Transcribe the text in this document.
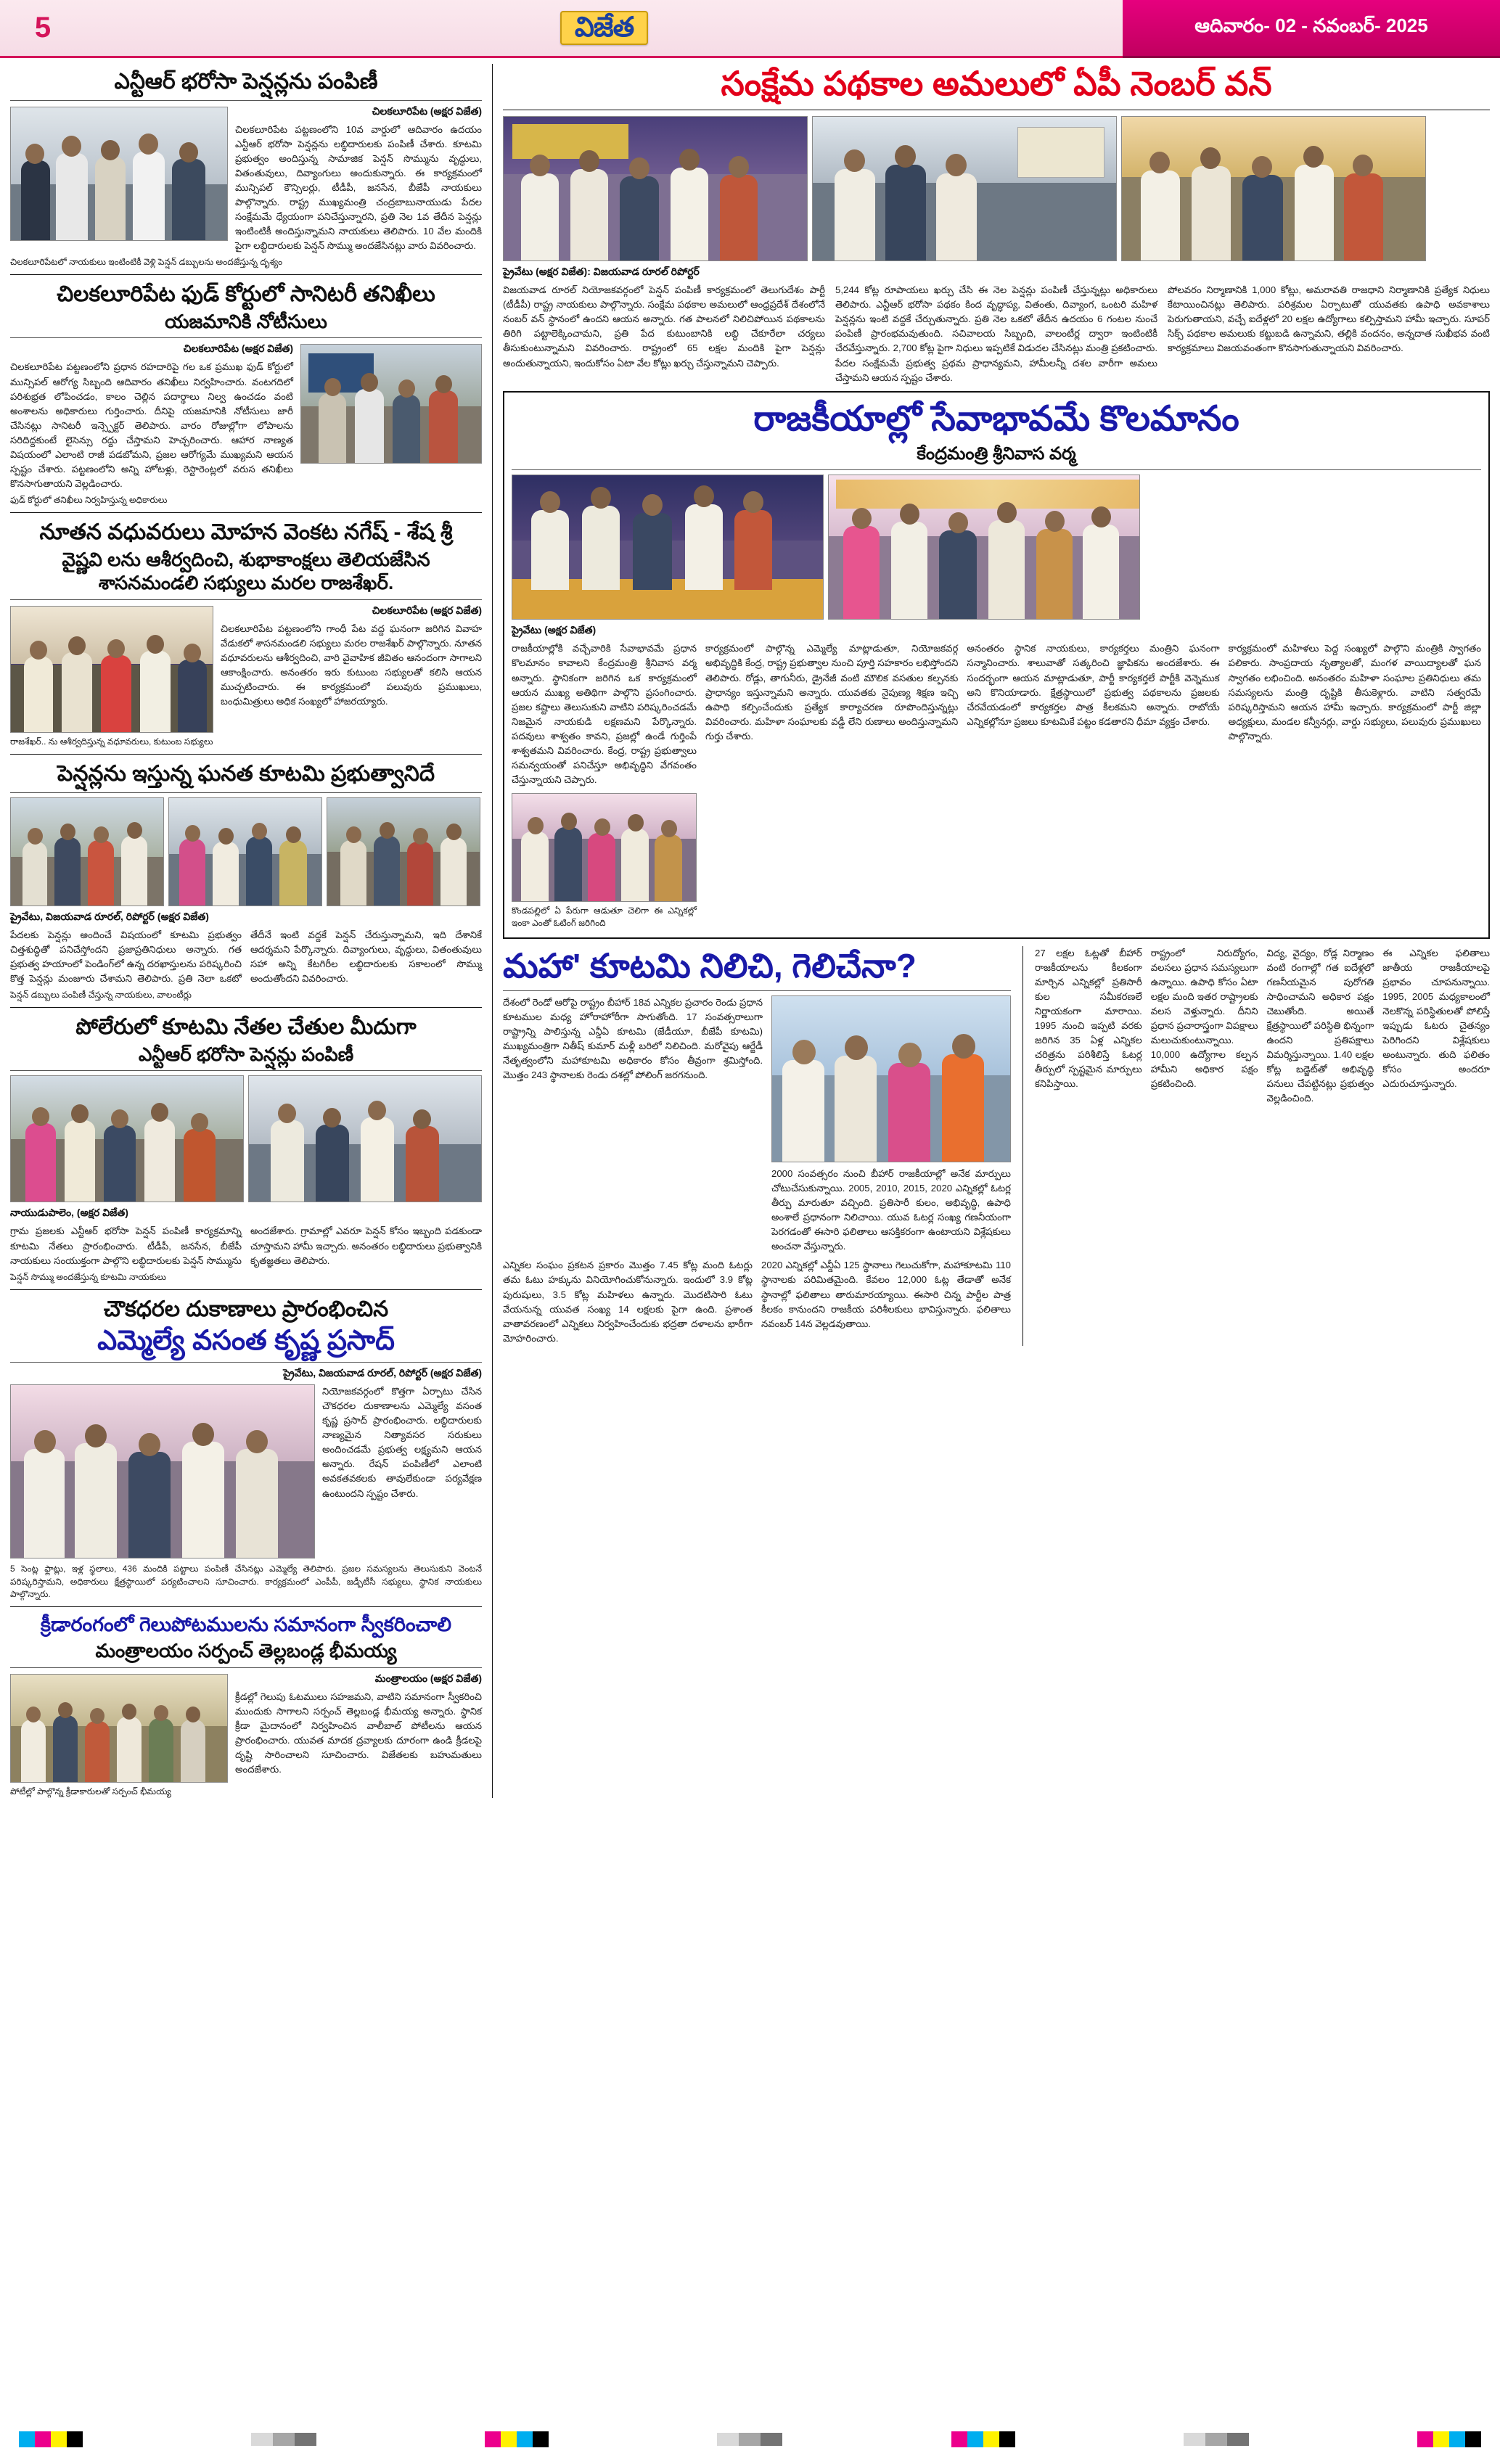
5	విజేత	ఆదివారం- 02 - నవంబర్- 2025
ఎన్టీఆర్ భరోసా పెన్షన్లను పంపిణీ
చిలకలూరిపేట (అక్షర విజేత)
చిలకలూరిపేట పట్టణంలోని 10వ వార్డులో ఆదివారం ఉదయం ఎన్టీఆర్ భరోసా పెన్షన్లను లబ్ధిదారులకు పంపిణీ చేశారు. కూటమి ప్రభుత్వం అందిస్తున్న సామాజిక పెన్షన్ సొమ్మును వృద్ధులు, వితంతువులు, దివ్యాంగులు అందుకున్నారు. ఈ కార్యక్రమంలో మున్సిపల్ కౌన్సిలర్లు, టీడీపీ, జనసేన, బీజేపీ నాయకులు పాల్గొన్నారు. రాష్ట్ర ముఖ్యమంత్రి చంద్రబాబునాయుడు పేదల సంక్షేమమే ధ్యేయంగా పనిచేస్తున్నారని, ప్రతి నెల 1వ తేదీన పెన్షన్లు ఇంటింటికీ అందిస్తున్నామని నాయకులు తెలిపారు. 10 వేల మందికి పైగా లబ్ధిదారులకు పెన్షన్ సొమ్ము అందజేసినట్లు వారు వివరించారు.
చిలకలూరిపేటలో నాయకులు ఇంటింటికీ వెళ్లి పెన్షన్ డబ్బులను అందజేస్తున్న దృశ్యం
చిలకలూరిపేట ఫుడ్ కోర్టులో సానిటరీ తనిఖీలు
యజమానికి నోటీసులు
చిలకలూరిపేట (అక్షర విజేత)
చిలకలూరిపేట పట్టణంలోని ప్రధాన రహదారిపై గల ఒక ప్రముఖ ఫుడ్ కోర్టులో మున్సిపల్ ఆరోగ్య సిబ్బంది ఆదివారం తనిఖీలు నిర్వహించారు. వంటగదిలో పరిశుభ్రత లోపించడం, కాలం చెల్లిన పదార్థాలు నిల్వ ఉంచడం వంటి అంశాలను అధికారులు గుర్తించారు. దీనిపై యజమానికి నోటీసులు జారీ చేసినట్లు సానిటరీ ఇన్స్పెక్టర్ తెలిపారు. వారం రోజుల్లోగా లోపాలను సరిదిద్దకుంటే లైసెన్సు రద్దు చేస్తామని హెచ్చరించారు. ఆహార నాణ్యత విషయంలో ఎలాంటి రాజీ పడబోమని, ప్రజల ఆరోగ్యమే ముఖ్యమని ఆయన స్పష్టం చేశారు. పట్టణంలోని అన్ని హోటళ్లు, రెస్టారెంట్లలో వరుస తనిఖీలు కొనసాగుతాయని వెల్లడించారు.
ఫుడ్ కోర్టులో తనిఖీలు నిర్వహిస్తున్న అధికారులు
నూతన వధువరులు మోహన వెంకట నగేష్ - శేష శ్రీ
వైష్ణవి లను ఆశీర్వదించి, శుభాకాంక్షలు తెలియజేసిన శాసనమండలి సభ్యులు మరల రాజశేఖర్.
చిలకలూరిపేట (అక్షర విజేత)
చిలకలూరిపేట పట్టణంలోని గాంధీ పేట వద్ద ఘనంగా జరిగిన వివాహ వేడుకలో శాసనమండలి సభ్యులు మరల రాజశేఖర్ పాల్గొన్నారు. నూతన వధూవరులను ఆశీర్వదించి, వారి వైవాహిక జీవితం ఆనందంగా సాగాలని ఆకాంక్షించారు. అనంతరం ఇరు కుటుంబ సభ్యులతో కలిసి ఆయన ముచ్చటించారు. ఈ కార్యక్రమంలో పలువురు ప్రముఖులు, బంధుమిత్రులు అధిక సంఖ్యలో హాజరయ్యారు.
రాజశేఖర్.. ను ఆశీర్వదిస్తున్న వధూవరులు, కుటుంబ సభ్యులు
పెన్షన్లను ఇస్తున్న ఘనత కూటమి ప్రభుత్వానిదే
ప్రైవేటు, విజయవాడ రూరల్, రిపోర్టర్ (అక్షర విజేత)
పేదలకు పెన్షన్లు అందించే విషయంలో కూటమి ప్రభుత్వం చిత్తశుద్ధితో పనిచేస్తోందని ప్రజాప్రతినిధులు అన్నారు. గత ప్రభుత్వ హయాంలో పెండింగ్‌లో ఉన్న దరఖాస్తులను పరిష్కరించి కొత్త పెన్షన్లు మంజూరు చేశామని తెలిపారు. ప్రతి నెలా ఒకటో తేదీనే ఇంటి వద్దకే పెన్షన్ చేరుస్తున్నామని, ఇది దేశానికే ఆదర్శమని పేర్కొన్నారు. దివ్యాంగులు, వృద్ధులు, వితంతువులు సహా అన్ని కేటగిరీల లబ్ధిదారులకు సకాలంలో సొమ్ము అందుతోందని వివరించారు.
పెన్షన్ డబ్బులు పంపిణీ చేస్తున్న నాయకులు, వాలంటీర్లు
పోలేరులో కూటమి నేతల చేతుల మీదుగా
ఎన్టీఆర్ భరోసా పెన్షన్లు పంపిణీ
నాయుడుపాలెం, (అక్షర విజేత)
గ్రామ ప్రజలకు ఎన్టీఆర్ భరోసా పెన్షన్ పంపిణీ కార్యక్రమాన్ని కూటమి నేతలు ప్రారంభించారు. టీడీపీ, జనసేన, బీజేపీ నాయకులు సంయుక్తంగా పాల్గొని లబ్ధిదారులకు పెన్షన్ సొమ్మును అందజేశారు. గ్రామాల్లో ఎవరూ పెన్షన్ కోసం ఇబ్బంది పడకుండా చూస్తామని హామీ ఇచ్చారు. అనంతరం లబ్ధిదారులు ప్రభుత్వానికి కృతజ్ఞతలు తెలిపారు.
పెన్షన్ సొమ్ము అందజేస్తున్న కూటమి నాయకులు
చౌకధరల దుకాణాలు ప్రారంభించిన
ఎమ్మెల్యే వసంత కృష్ణ ప్రసాద్
ప్రైవేటు, విజయవాడ రూరల్, రిపోర్టర్ (అక్షర విజేత)
నియోజకవర్గంలో కొత్తగా ఏర్పాటు చేసిన చౌకధరల దుకాణాలను ఎమ్మెల్యే వసంత కృష్ణ ప్రసాద్ ప్రారంభించారు. లబ్ధిదారులకు నాణ్యమైన నిత్యావసర సరుకులు అందించడమే ప్రభుత్వ లక్ష్యమని ఆయన అన్నారు. రేషన్ పంపిణీలో ఎలాంటి అవకతవకలకు తావులేకుండా పర్యవేక్షణ ఉంటుందని స్పష్టం చేశారు.
5 సెంట్ల ఫ్లాట్లు, ఇళ్ల స్థలాలు, 436 మందికి పట్టాలు పంపిణీ చేసినట్లు ఎమ్మెల్యే తెలిపారు. ప్రజల సమస్యలను తెలుసుకుని వెంటనే పరిష్కరిస్తామని, అధికారులు క్షేత్రస్థాయిలో పర్యటించాలని సూచించారు. కార్యక్రమంలో ఎంపీపీ, జడ్పీటీసీ సభ్యులు, స్థానిక నాయకులు పాల్గొన్నారు.
క్రీడారంగంలో గెలుపోటములను సమానంగా స్వీకరించాలి
మంత్రాలయం సర్పంచ్ తెల్లబండ్ల భీమయ్య
మంత్రాలయం (అక్షర విజేత)
క్రీడల్లో గెలుపు ఓటములు సహజమని, వాటిని సమానంగా స్వీకరించి ముందుకు సాగాలని సర్పంచ్ తెల్లబండ్ల భీమయ్య అన్నారు. స్థానిక క్రీడా మైదానంలో నిర్వహించిన వాలీబాల్ పోటీలను ఆయన ప్రారంభించారు. యువత మాదక ద్రవ్యాలకు దూరంగా ఉండి క్రీడలపై దృష్టి సారించాలని సూచించారు. విజేతలకు బహుమతులు అందజేశారు.
పోటీల్లో పాల్గొన్న క్రీడాకారులతో సర్పంచ్ భీమయ్య
సంక్షేమ పథకాల అమలులో ఏపీ నెంబర్ వన్
ప్రైవేటు (అక్షర విజేత): విజయవాడ రూరల్ రిపోర్టర్
విజయవాడ రూరల్ నియోజకవర్గంలో పెన్షన్ పంపిణీ కార్యక్రమంలో తెలుగుదేశం పార్టీ (టీడీపీ) రాష్ట్ర నాయకులు పాల్గొన్నారు. సంక్షేమ పథకాల అమలులో ఆంధ్రప్రదేశ్ దేశంలోనే నంబర్ వన్ స్థానంలో ఉందని ఆయన అన్నారు. గత పాలనలో నిలిచిపోయిన పథకాలను తిరిగి పట్టాలెక్కించామని, ప్రతి పేద కుటుంబానికి లబ్ధి చేకూరేలా చర్యలు తీసుకుంటున్నామని వివరించారు. రాష్ట్రంలో 65 లక్షల మందికి పైగా పెన్షన్లు అందుతున్నాయని, ఇందుకోసం ఏటా వేల కోట్లు ఖర్చు చేస్తున్నామని చెప్పారు.
5,244 కోట్ల రూపాయలు ఖర్చు చేసి ఈ నెల పెన్షన్లు పంపిణీ చేస్తున్నట్లు అధికారులు తెలిపారు. ఎన్టీఆర్ భరోసా పథకం కింద వృద్ధాప్య, వితంతు, దివ్యాంగ, ఒంటరి మహిళ పెన్షన్లను ఇంటి వద్దకే చేర్చుతున్నారు. ప్రతి నెల ఒకటో తేదీన ఉదయం 6 గంటల నుంచే పంపిణీ ప్రారంభమవుతుంది. సచివాలయ సిబ్బంది, వాలంటీర్ల ద్వారా ఇంటింటికీ చేరవేస్తున్నారు. 2,700 కోట్ల పైగా నిధులు ఇప్పటికే విడుదల చేసినట్లు మంత్రి ప్రకటించారు. పేదల సంక్షేమమే ప్రభుత్వ ప్రథమ ప్రాధాన్యమని, హామీలన్నీ దశల వారీగా అమలు చేస్తామని ఆయన స్పష్టం చేశారు.
పోలవరం నిర్మాణానికి 1,000 కోట్లు, అమరావతి రాజధాని నిర్మాణానికి ప్రత్యేక నిధులు కేటాయించినట్లు తెలిపారు. పరిశ్రమల ఏర్పాటుతో యువతకు ఉపాధి అవకాశాలు పెరుగుతాయని, వచ్చే ఐదేళ్లలో 20 లక్షల ఉద్యోగాలు కల్పిస్తామని హామీ ఇచ్చారు. సూపర్ సిక్స్ పథకాల అమలుకు కట్టుబడి ఉన్నామని, తల్లికి వందనం, అన్నదాత సుఖీభవ వంటి కార్యక్రమాలు విజయవంతంగా కొనసాగుతున్నాయని వివరించారు.
రాజకీయాల్లో సేవాభావమే కొలమానం
కేంద్రమంత్రి శ్రీనివాస వర్మ
ప్రైవేటు (అక్షర విజేత)
రాజకీయాల్లోకి వచ్చేవారికి సేవాభావమే ప్రధాన కొలమానం కావాలని కేంద్రమంత్రి శ్రీనివాస వర్మ అన్నారు. స్థానికంగా జరిగిన ఒక కార్యక్రమంలో ఆయన ముఖ్య అతిథిగా పాల్గొని ప్రసంగించారు. ప్రజల కష్టాలు తెలుసుకుని వాటిని పరిష్కరించడమే నిజమైన నాయకుడి లక్షణమని పేర్కొన్నారు. పదవులు శాశ్వతం కావని, ప్రజల్లో ఉండే గుర్తింపే శాశ్వతమని వివరించారు. కేంద్ర, రాష్ట్ర ప్రభుత్వాలు సమన్వయంతో పనిచేస్తూ అభివృద్ధిని వేగవంతం చేస్తున్నాయని చెప్పారు.
కొండపల్లిలో ఏ పేరుగా ఆడుతూ చెలిగా ఈ ఎన్నికల్లో ఇంకా ఎంతో ఓటింగ్ జరిగింది
కార్యక్రమంలో పాల్గొన్న ఎమ్మెల్యే మాట్లాడుతూ, నియోజకవర్గ అభివృద్ధికి కేంద్ర, రాష్ట్ర ప్రభుత్వాల నుంచి పూర్తి సహకారం లభిస్తోందని తెలిపారు. రోడ్లు, తాగునీరు, డ్రైనేజీ వంటి మౌలిక వసతుల కల్పనకు ప్రాధాన్యం ఇస్తున్నామని అన్నారు. యువతకు నైపుణ్య శిక్షణ ఇచ్చి ఉపాధి కల్పించేందుకు ప్రత్యేక కార్యాచరణ రూపొందిస్తున్నట్లు వివరించారు. మహిళా సంఘాలకు వడ్డీ లేని రుణాలు అందిస్తున్నామని గుర్తు చేశారు.
అనంతరం స్థానిక నాయకులు, కార్యకర్తలు మంత్రిని ఘనంగా సన్మానించారు. శాలువాతో సత్కరించి జ్ఞాపికను అందజేశారు. ఈ సందర్భంగా ఆయన మాట్లాడుతూ, పార్టీ కార్యకర్తలే పార్టీకి వెన్నెముక అని కొనియాడారు. క్షేత్రస్థాయిలో ప్రభుత్వ పథకాలను ప్రజలకు చేరవేయడంలో కార్యకర్తల పాత్ర కీలకమని అన్నారు. రాబోయే ఎన్నికల్లోనూ ప్రజలు కూటమికే పట్టం కడతారని ధీమా వ్యక్తం చేశారు.
కార్యక్రమంలో మహిళలు పెద్ద సంఖ్యలో పాల్గొని మంత్రికి స్వాగతం పలికారు. సాంప్రదాయ నృత్యాలతో, మంగళ వాయిద్యాలతో ఘన స్వాగతం లభించింది. అనంతరం మహిళా సంఘాల ప్రతినిధులు తమ సమస్యలను మంత్రి దృష్టికి తీసుకెళ్లారు. వాటిని సత్వరమే పరిష్కరిస్తామని ఆయన హామీ ఇచ్చారు. కార్యక్రమంలో పార్టీ జిల్లా అధ్యక్షులు, మండల కన్వీనర్లు, వార్డు సభ్యులు, పలువురు ప్రముఖులు పాల్గొన్నారు.
మహా' కూటమి నిలిచి, గెలిచేనా?
దేశంలో రెండో ఆరోపై రాష్ట్రం బీహార్ 18వ ఎన్నికల ప్రచారం రెండు ప్రధాన కూటముల మధ్య హోరాహోరీగా సాగుతోంది. 17 సంవత్సరాలుగా రాష్ట్రాన్ని పాలిస్తున్న ఎన్డీఏ కూటమి (జేడీయూ, బీజేపీ కూటమి) ముఖ్యమంత్రిగా నితీష్ కుమార్ మళ్లీ బరిలో నిలిచింది. మరోవైపు ఆర్జేడీ నేతృత్వంలోని మహాకూటమి అధికారం కోసం తీవ్రంగా శ్రమిస్తోంది. మొత్తం 243 స్థానాలకు రెండు దశల్లో పోలింగ్ జరగనుంది.
2000 సంవత్సరం నుంచి బీహార్ రాజకీయాల్లో అనేక మార్పులు చోటుచేసుకున్నాయి. 2005, 2010, 2015, 2020 ఎన్నికల్లో ఓటర్ల తీర్పు మారుతూ వచ్చింది. ప్రతిసారీ కులం, అభివృద్ధి, ఉపాధి అంశాలే ప్రధానంగా నిలిచాయి. యువ ఓటర్ల సంఖ్య గణనీయంగా పెరగడంతో ఈసారి ఫలితాలు ఆసక్తికరంగా ఉంటాయని విశ్లేషకులు అంచనా వేస్తున్నారు.
ఎన్నికల సంఘం ప్రకటన ప్రకారం మొత్తం 7.45 కోట్ల మంది ఓటర్లు తమ ఓటు హక్కును వినియోగించుకోనున్నారు. ఇందులో 3.9 కోట్ల పురుషులు, 3.5 కోట్ల మహిళలు ఉన్నారు. మొదటిసారి ఓటు వేయనున్న యువత సంఖ్య 14 లక్షలకు పైగా ఉంది. ప్రశాంత వాతావరణంలో ఎన్నికలు నిర్వహించేందుకు భద్రతా దళాలను భారీగా మోహరించారు.
2020 ఎన్నికల్లో ఎన్డీఏ 125 స్థానాలు గెలుచుకోగా, మహాకూటమి 110 స్థానాలకు పరిమితమైంది. కేవలం 12,000 ఓట్ల తేడాతో అనేక స్థానాల్లో ఫలితాలు తారుమారయ్యాయి. ఈసారి చిన్న పార్టీల పాత్ర కీలకం కానుందని రాజకీయ పరిశీలకులు భావిస్తున్నారు. ఫలితాలు నవంబర్ 14న వెల్లడవుతాయి.
27 లక్షల ఓట్లతో బీహార్ రాజకీయాలను కీలకంగా మార్చిన ఎన్నికల్లో ప్రతిసారీ కుల సమీకరణలే నిర్ణాయకంగా మారాయి. 1995 నుంచి ఇప్పటి వరకు జరిగిన 35 ఏళ్ల ఎన్నికల చరిత్రను పరిశీలిస్తే ఓటర్ల తీర్పులో స్పష్టమైన మార్పులు కనిపిస్తాయి.
రాష్ట్రంలో నిరుద్యోగం, వలసలు ప్రధాన సమస్యలుగా ఉన్నాయి. ఉపాధి కోసం ఏటా లక్షల మంది ఇతర రాష్ట్రాలకు వలస వెళ్తున్నారు. దీనిని ప్రధాన ప్రచారాస్త్రంగా విపక్షాలు మలుచుకుంటున్నాయి. 10,000 ఉద్యోగాల కల్పన హామీని అధికార పక్షం ప్రకటించింది.
విద్య, వైద్యం, రోడ్ల నిర్మాణం వంటి రంగాల్లో గత ఐదేళ్లలో గణనీయమైన పురోగతి సాధించామని అధికార పక్షం చెబుతోంది. అయితే క్షేత్రస్థాయిలో పరిస్థితి భిన్నంగా ఉందని ప్రతిపక్షాలు విమర్శిస్తున్నాయి. 1.40 లక్షల కోట్ల బడ్జెట్‌తో అభివృద్ధి పనులు చేపట్టినట్లు ప్రభుత్వం వెల్లడించింది.
ఈ ఎన్నికల ఫలితాలు జాతీయ రాజకీయాలపై ప్రభావం చూపనున్నాయి. 1995, 2005 మధ్యకాలంలో నెలకొన్న పరిస్థితులతో పోలిస్తే ఇప్పుడు ఓటరు చైతన్యం పెరిగిందని విశ్లేషకులు అంటున్నారు. తుది ఫలితం కోసం అందరూ ఎదురుచూస్తున్నారు.
